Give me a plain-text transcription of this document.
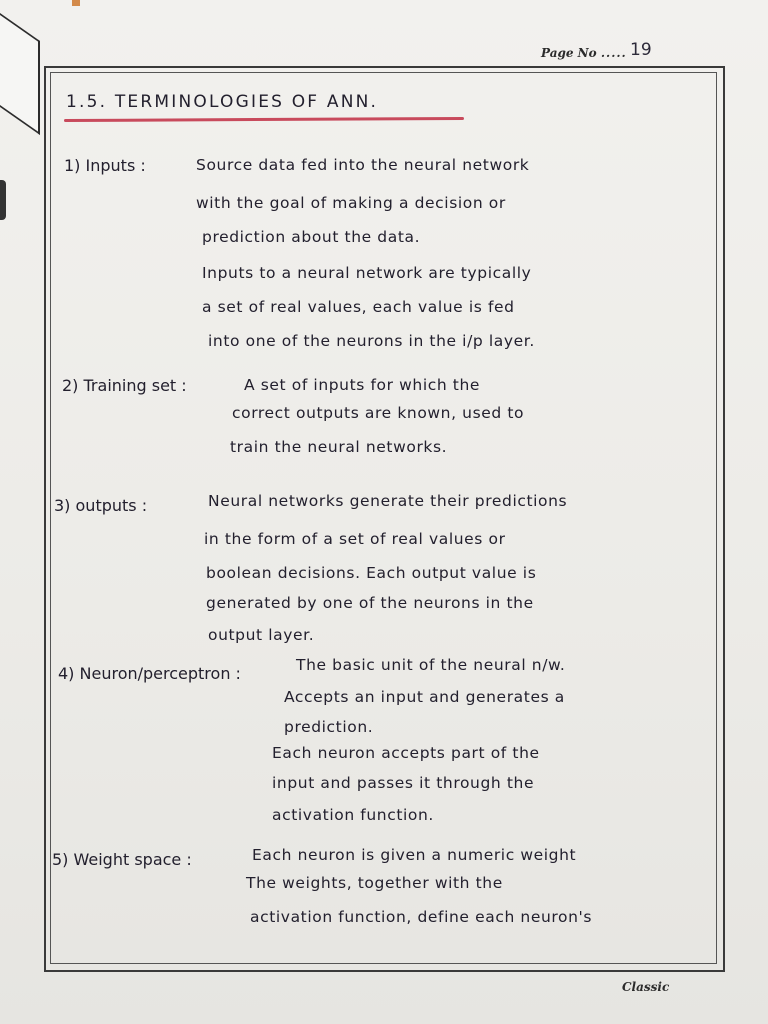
Page No ..... 19
1.5. TERMINOLOGIES OF ANN.
1) Inputs :	Source data fed into the neural network
with the goal of making a decision or
prediction about the data.
Inputs to a neural network are typically
a set of real values, each value is fed
into one of the neurons in the i/p layer.
2) Training set :	A set of inputs for which the
correct outputs are known, used to
train the neural networks.
3) outputs :	Neural networks generate their predictions
in the form of a set of real values or
boolean decisions. Each output value is
generated by one of the neurons in the
output layer.
4) Neuron/perceptron :	The basic unit of the neural n/w.
Accepts an input and generates a
prediction.
Each neuron accepts part of the
input and passes it through the
activation function.
5) Weight space :	Each neuron is given a numeric weight
The weights, together with the
activation function, define each neuron's
Classic
